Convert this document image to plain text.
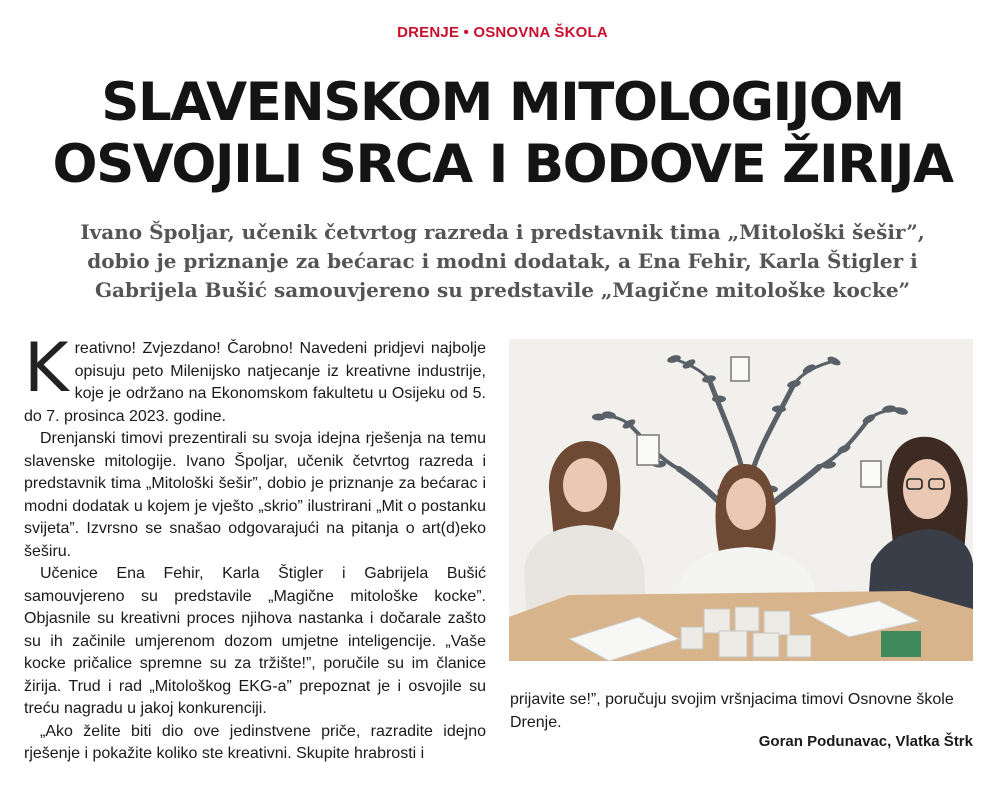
DRENJE • OSNOVNA ŠKOLA
SLAVENSKOM MITOLOGIJOM
OSVOJILI SRCA I BODOVE ŽIRIJA
Ivano Špoljar, učenik četvrtog razreda i predstavnik tima „Mitološki šešir”,
dobio je priznanje za bećarac i modni dodatak, a Ena Fehir, Karla Štigler i
Gabrijela Bušić samouvjereno su predstavile „Magične mitološke kocke”

Kreativno! Zvjezdano! Čarobno! Navedeni pridjevi najbolje opisuju peto Milenijsko natjecanje iz kreativne industrije, koje je održano na Ekonomskom fakultetu u Osijeku od 5. do 7. prosinca 2023. godine.

Drenjanski timovi prezentirali su svoja idejna rješenja na temu slavenske mitologije. Ivano Špoljar, učenik četvrtog razreda i predstavnik tima „Mitološki šešir”, dobio je priznanje za bećarac i modni dodatak u kojem je vješto „skrio” ilustrirani „Mit o postanku svijeta”. Izvrsno se snašao odgovarajući na pitanja o art(d)eko šeširu.

Učenice Ena Fehir, Karla Štigler i Gabrijela Bušić samouvjereno su predstavile „Magične mitološke kocke”. Objasnile su kreativni proces njihova nastanka i dočarale zašto su ih začinile umjerenom dozom umjetne inteligencije. „Vaše kocke pričalice spremne su za tržište!”, poručile su im članice žirija. Trud i rad „Mitološkog EKG-a” prepoznat je i osvojile su treću nagradu u jakoj konkurenciji.

„Ako želite biti dio ove jedinstvene priče, razradite idejno rješenje i pokažite koliko ste kreativni. Skupite hrabrosti i

prijavite se!”, poručuju svojim vršnjacima timovi Osnovne škole Drenje.

Goran Podunavac, Vlatka Štrk
